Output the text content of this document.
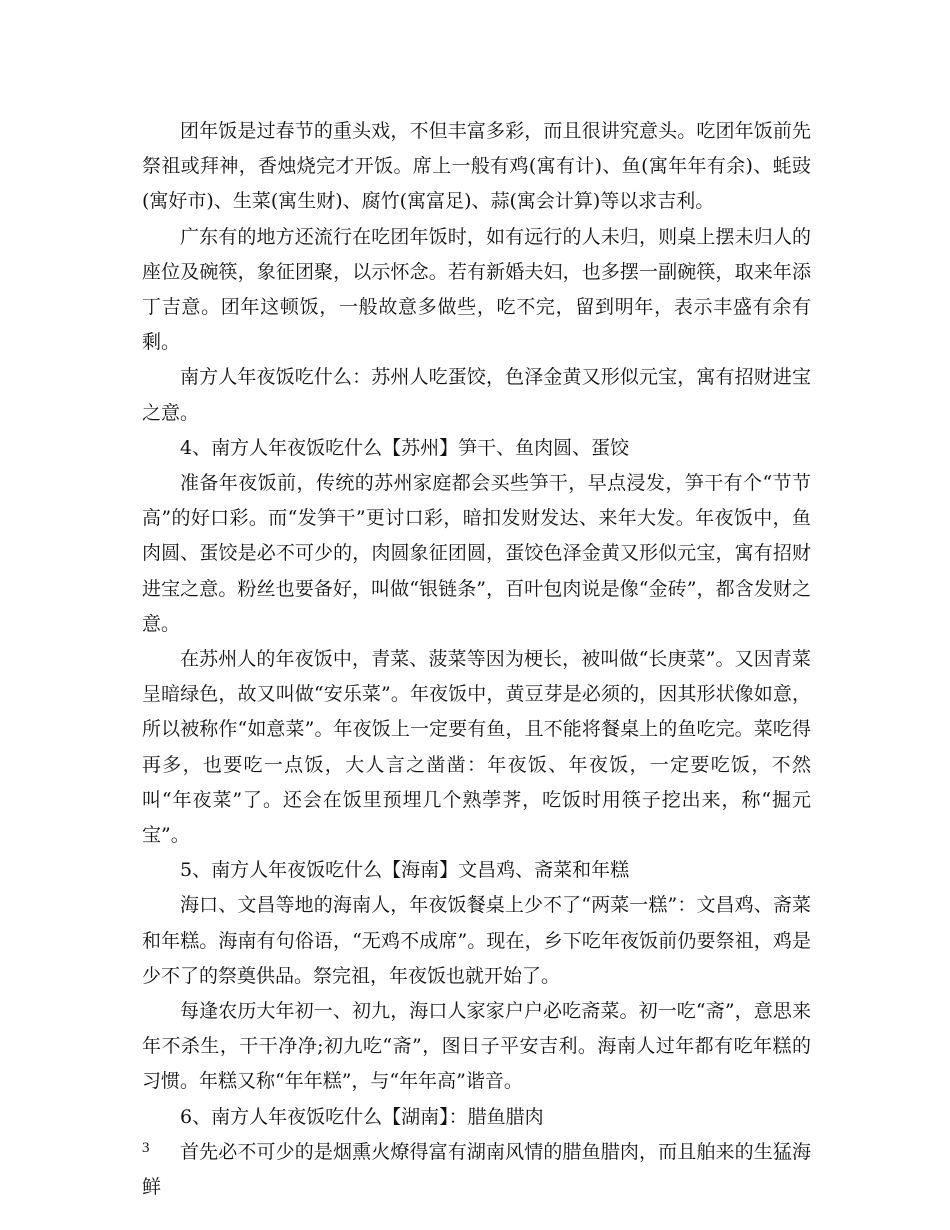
团年饭是过春节的重头戏，不但丰富多彩，而且很讲究意头。吃团年饭前先祭祖或拜神，香烛烧完才开饭。席上一般有鸡(寓有计)、鱼(寓年年有余)、蚝豉(寓好市)、生菜(寓生财)、腐竹(寓富足)、蒜(寓会计算)等以求吉利。

广东有的地方还流行在吃团年饭时，如有远行的人未归，则桌上摆未归人的座位及碗筷，象征团聚，以示怀念。若有新婚夫妇，也多摆一副碗筷，取来年添丁吉意。团年这顿饭，一般故意多做些，吃不完，留到明年，表示丰盛有余有剩。

南方人年夜饭吃什么：苏州人吃蛋饺，色泽金黄又形似元宝，寓有招财进宝之意。

4、南方人年夜饭吃什么【苏州】笋干、鱼肉圆、蛋饺

准备年夜饭前，传统的苏州家庭都会买些笋干，早点浸发，笋干有个“节节高”的好口彩。而“发笋干”更讨口彩，暗扣发财发达、来年大发。年夜饭中，鱼肉圆、蛋饺是必不可少的，肉圆象征团圆，蛋饺色泽金黄又形似元宝，寓有招财进宝之意。粉丝也要备好，叫做“银链条”，百叶包肉说是像“金砖”，都含发财之意。

在苏州人的年夜饭中，青菜、菠菜等因为梗长，被叫做“长庚菜”。又因青菜呈暗绿色，故又叫做“安乐菜”。年夜饭中，黄豆芽是必须的，因其形状像如意，所以被称作“如意菜”。年夜饭上一定要有鱼，且不能将餐桌上的鱼吃完。菜吃得再多，也要吃一点饭，大人言之凿凿：年夜饭、年夜饭，一定要吃饭，不然叫“年夜菜”了。还会在饭里预埋几个熟荸荠，吃饭时用筷子挖出来，称“掘元宝”。

5、南方人年夜饭吃什么【海南】文昌鸡、斋菜和年糕

海口、文昌等地的海南人，年夜饭餐桌上少不了“两菜一糕”：文昌鸡、斋菜和年糕。海南有句俗语，“无鸡不成席”。现在，乡下吃年夜饭前仍要祭祖，鸡是少不了的祭奠供品。祭完祖，年夜饭也就开始了。

每逢农历大年初一、初九，海口人家家户户必吃斋菜。初一吃“斋”，意思来年不杀生，干干净净;初九吃“斋”，图日子平安吉利。海南人过年都有吃年糕的习惯。年糕又称“年年糕”，与“年年高”谐音。

6、南方人年夜饭吃什么【湖南】：腊鱼腊肉

首先必不可少的是烟熏火燎得富有湖南风情的腊鱼腊肉，而且舶来的生猛海鲜

3
